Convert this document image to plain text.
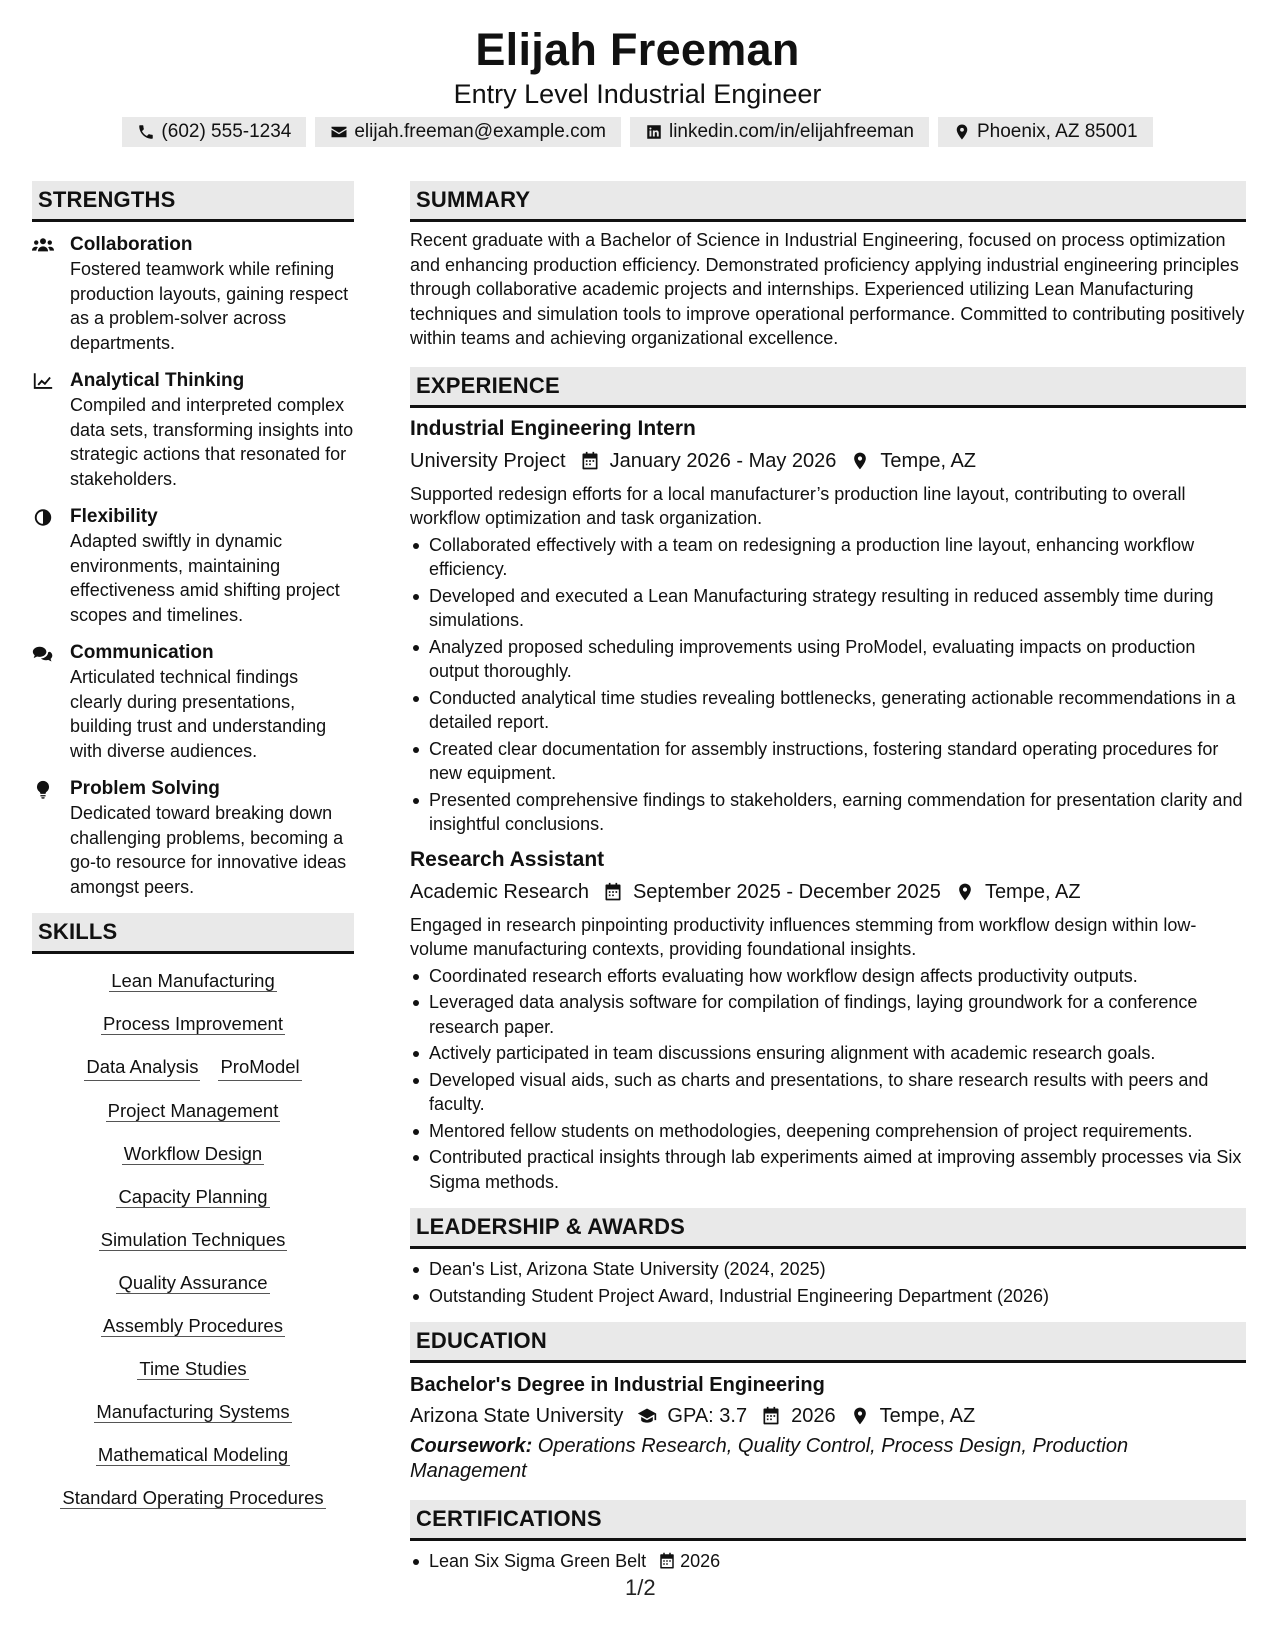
Elijah Freeman
Entry Level Industrial Engineer
(602) 555-1234	elijah.freeman@example.com	linkedin.com/in/elijahfreeman	Phoenix, AZ 85001
STRENGTHS
Collaboration
Fostered teamwork while refining production layouts, gaining respect as a problem-solver across departments.
Analytical Thinking
Compiled and interpreted complex data sets, transforming insights into strategic actions that resonated for stakeholders.
Flexibility
Adapted swiftly in dynamic environments, maintaining effectiveness amid shifting project scopes and timelines.
Communication
Articulated technical findings clearly during presentations, building trust and understanding with diverse audiences.
Problem Solving
Dedicated toward breaking down challenging problems, becoming a go-to resource for innovative ideas amongst peers.
SKILLS
Lean Manufacturing
Process Improvement
Data Analysis ProModel
Project Management
Workflow Design
Capacity Planning
Simulation Techniques
Quality Assurance
Assembly Procedures
Time Studies
Manufacturing Systems
Mathematical Modeling
Standard Operating Procedures
SUMMARY
Recent graduate with a Bachelor of Science in Industrial Engineering, focused on process optimization and enhancing production efficiency. Demonstrated proficiency applying industrial engineering principles through collaborative academic projects and internships. Experienced utilizing Lean Manufacturing techniques and simulation tools to improve operational performance. Committed to contributing positively within teams and achieving organizational excellence.
EXPERIENCE
Industrial Engineering Intern
University Project January 2026 - May 2026 Tempe, AZ
Supported redesign efforts for a local manufacturer’s production line layout, contributing to overall workflow optimization and task organization.
Collaborated effectively with a team on redesigning a production line layout, enhancing workflow efficiency.
Developed and executed a Lean Manufacturing strategy resulting in reduced assembly time during simulations.
Analyzed proposed scheduling improvements using ProModel, evaluating impacts on production output thoroughly.
Conducted analytical time studies revealing bottlenecks, generating actionable recommendations in a detailed report.
Created clear documentation for assembly instructions, fostering standard operating procedures for new equipment.
Presented comprehensive findings to stakeholders, earning commendation for presentation clarity and insightful conclusions.
Research Assistant
Academic Research September 2025 - December 2025 Tempe, AZ
Engaged in research pinpointing productivity influences stemming from workflow design within low-volume manufacturing contexts, providing foundational insights.
Coordinated research efforts evaluating how workflow design affects productivity outputs.
Leveraged data analysis software for compilation of findings, laying groundwork for a conference research paper.
Actively participated in team discussions ensuring alignment with academic research goals.
Developed visual aids, such as charts and presentations, to share research results with peers and faculty.
Mentored fellow students on methodologies, deepening comprehension of project requirements.
Contributed practical insights through lab experiments aimed at improving assembly processes via Six Sigma methods.
LEADERSHIP & AWARDS
Dean's List, Arizona State University (2024, 2025)
Outstanding Student Project Award, Industrial Engineering Department (2026)
EDUCATION
Bachelor's Degree in Industrial Engineering
Arizona State University GPA: 3.7 2026 Tempe, AZ
Coursework: Operations Research, Quality Control, Process Design, Production Management
CERTIFICATIONS
Lean Six Sigma Green Belt 2026
1/2
